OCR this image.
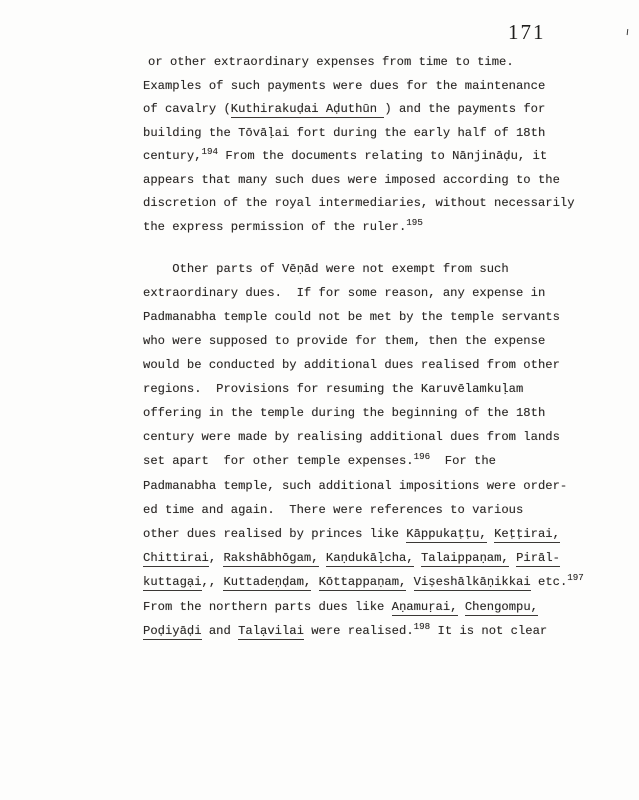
171	ı
or other extraordinary expenses from time to time.
Examples of such payments were dues for the maintenance
of cavalry (Kuthirakuḍai Aḍuthūn ) and the payments for
building the Tōvāḷai fort during the early half of 18th
century,$^{194}$ From the documents relating to Nānjināḍu, it
appears that many such dues were imposed according to the
discretion of the royal intermediaries, without necessarily
the express permission of the ruler.$^{195}$
Other parts of Vēṇād were not exempt from such
extraordinary dues.  If for some reason, any expense in
Padmanabha temple could not be met by the temple servants
who were supposed to provide for them, then the expense
would be conducted by additional dues realised from other
regions.  Provisions for resuming the Karuvēlamkuḷam
offering in the temple during the beginning of the 18th
century were made by realising additional dues from lands
set apart  for other temple expenses.$^{196}$  For the
Padmanabha temple, such additional impositions were order-
ed time and again.  There were references to various
other dues realised by princes like Kāppukaṭṭu, Keṭṭirai,
Chittirai, Rakshābhōgam, Kaṇdukāḷcha, Talaippaṇam, Pirāl-
kuttagại,, Kuttadeṇḍam, Kōttappaṇam, Viṣeshālkāṇikkai etc.$^{197}$
From the northern parts dues like Aṇamuṛai, Chengompu,
Poḍiyāḍi and Talạvilai were realised.$^{198}$ It is not clear
